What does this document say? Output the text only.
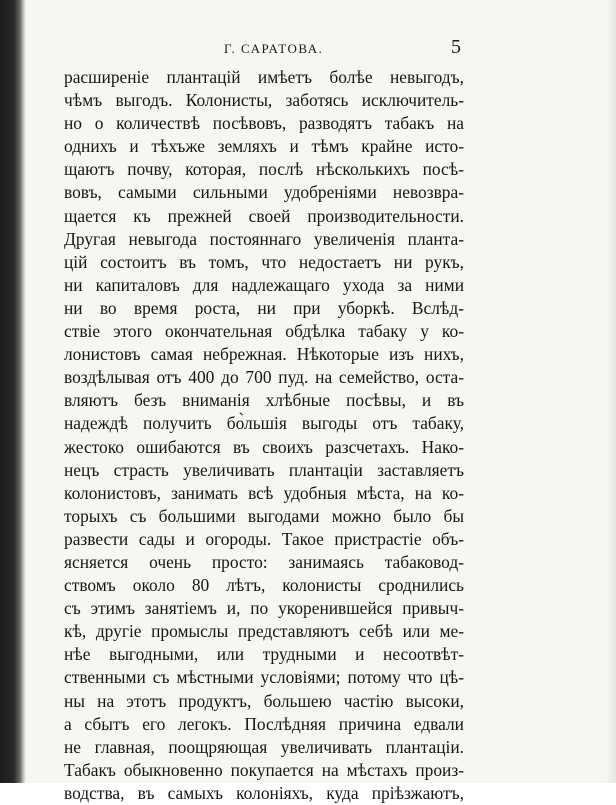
Г. САРАТОВА.	5
расширеніе плантацій имѣетъ болѣе невыгодъ,
чѣмъ выгодъ. Колонисты, заботясь исключитель-
но о количествѣ посѣвовъ, разводятъ табакъ на
однихъ и тѣхъже земляхъ и тѣмъ крайне исто-
щаютъ почву, которая, послѣ нѣсколькихъ посѣ-
вовъ, самыми сильными удобреніями невозвра-
щается къ прежней своей производительности.
Другая невыгода постояннаго увеличенія планта-
цій состоитъ въ томъ, что недостаетъ ни рукъ,
ни капиталовъ для надлежащаго ухода за ними
ни во время роста, ни при уборкѣ. Вслѣд-
ствіе этого окончательная обдѣлка табаку у ко-
лонистовъ самая небрежная. Нѣкоторые изъ нихъ,
воздѣлывая отъ 400 до 700 пуд. на семейство, оста-
вляютъ безъ вниманія хлѣбные посѣвы, и въ
надеждѣ получить бо̀льшія выгоды отъ табаку,
жестоко ошибаются въ своихъ разсчетахъ. Нако-
нецъ страсть увеличивать плантаціи заставляетъ
колонистовъ, занимать всѣ удобныя мѣста, на ко-
торыхъ съ большими выгодами можно было бы
развести сады и огороды. Такое пристрастіе объ-
ясняется очень просто: занимаясь табаковод-
ствомъ около 80 лѣтъ, колонисты сроднились
съ этимъ занятіемъ и, по укоренившейся привыч-
кѣ, другіе промыслы представляютъ себѣ или ме-
нѣе выгодными, или трудными и несоотвѣт-
ственными съ мѣстными условіями; потому что цѣ-
ны на этотъ продуктъ, большею частію высоки,
а сбытъ его легокъ. Послѣдняя причина едвали
не главная, поощряющая увеличивать плантаціи.
Табакъ обыкновенно покупается на мѣстахъ произ-
водства, въ самыхъ колоніяхъ, куда пріѣзжаютъ,
